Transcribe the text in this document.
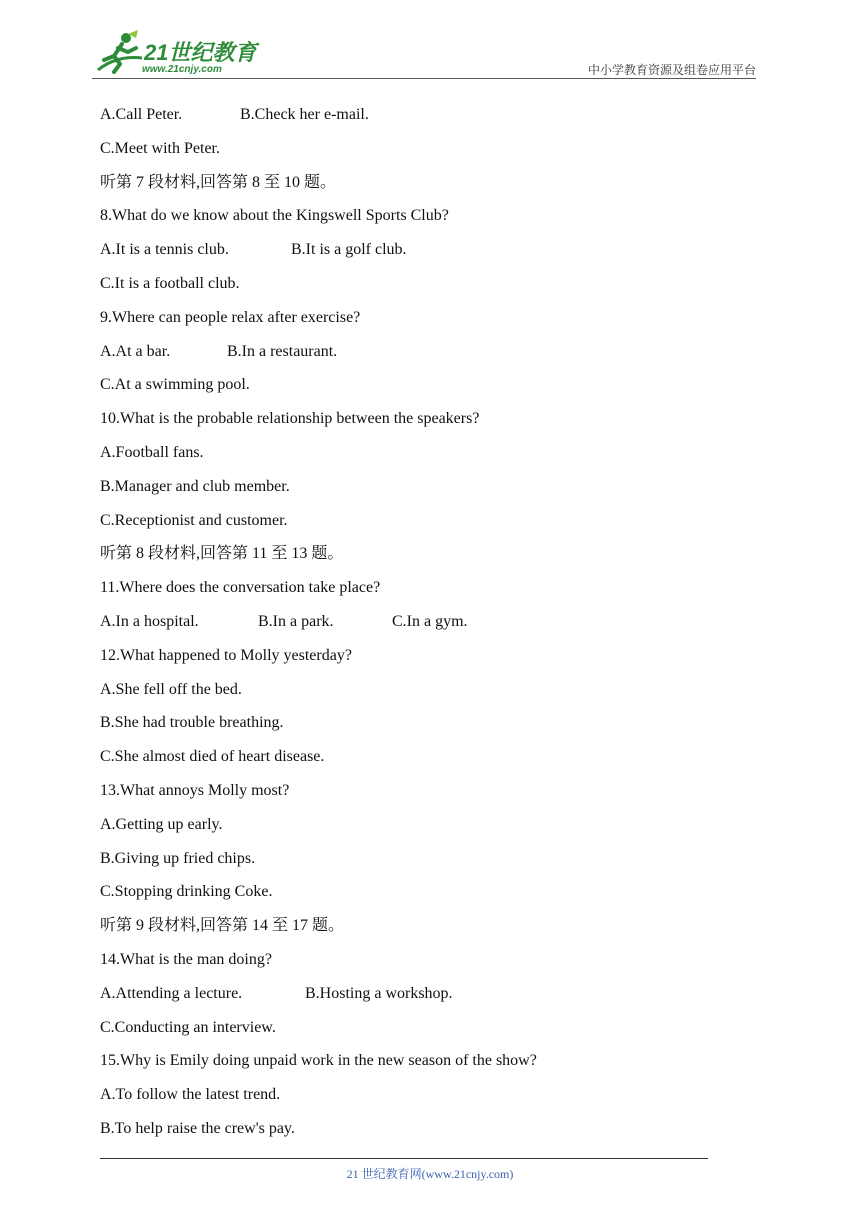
21世纪教育
www.21cnjy.com	中小学教育资源及组卷应用平台
A.Call Peter.	B.Check her e-mail.
C.Meet with Peter.
听第 7 段材料,回答第 8 至 10 题。
8.What do we know about the Kingswell Sports Club?
A.It is a tennis club.	B.It is a golf club.
C.It is a football club.
9.Where can people relax after exercise?
A.At a bar.	B.In a restaurant.
C.At a swimming pool.
10.What is the probable relationship between the speakers?
A.Football fans.
B.Manager and club member.
C.Receptionist and customer.
听第 8 段材料,回答第 11 至 13 题。
11.Where does the conversation take place?
A.In a hospital.	B.In a park.	C.In a gym.
12.What happened to Molly yesterday?
A.She fell off the bed.
B.She had trouble breathing.
C.She almost died of heart disease.
13.What annoys Molly most?
A.Getting up early.
B.Giving up fried chips.
C.Stopping drinking Coke.
听第 9 段材料,回答第 14 至 17 题。
14.What is the man doing?
A.Attending a lecture.	B.Hosting a workshop.
C.Conducting an interview.
15.Why is Emily doing unpaid work in the new season of the show?
A.To follow the latest trend.
B.To help raise the crew's pay.
21 世纪教育网(www.21cnjy.com)
